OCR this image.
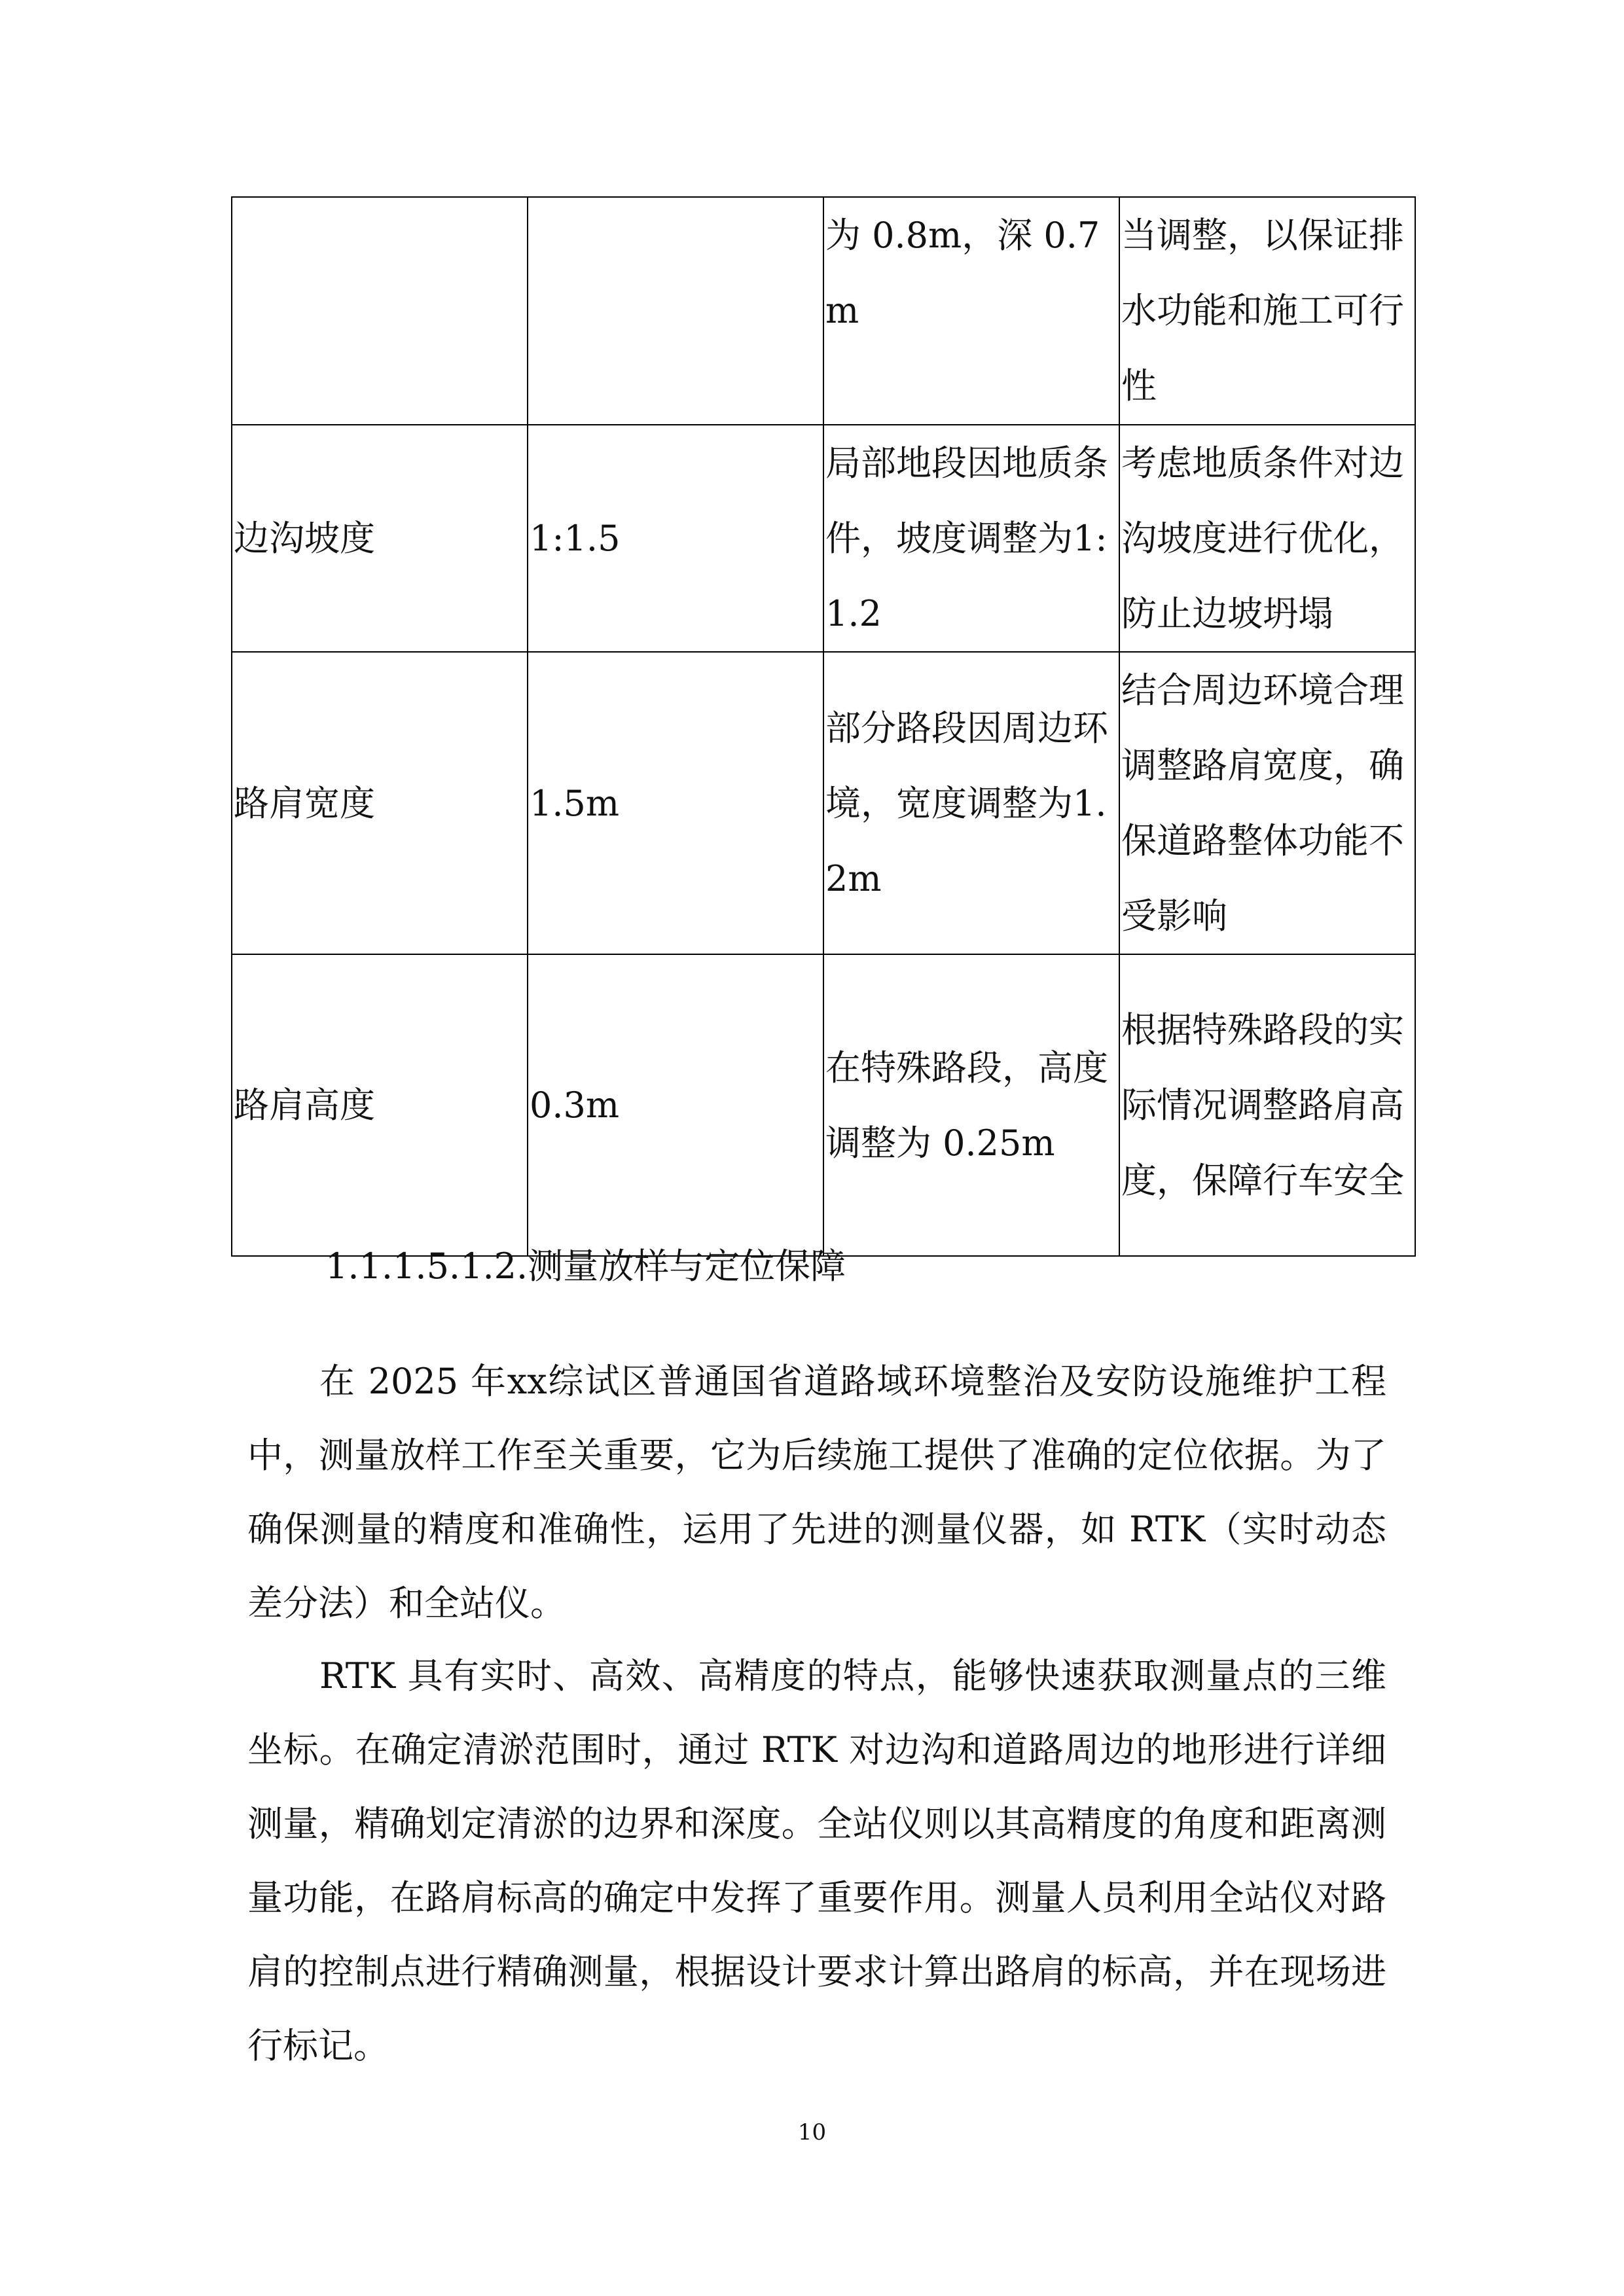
		为 0.8m，深 0.7m	当调整，以保证排水功能和施工可行性
边沟坡度	1:1.5	局部地段因地质条件，坡度调整为1:1.2	考虑地质条件对边沟坡度进行优化，防止边坡坍塌
路肩宽度	1.5m	部分路段因周边环境，宽度调整为1.2m	结合周边环境合理调整路肩宽度，确保道路整体功能不受影响
路肩高度	0.3m	在特殊路段，高度调整为 0.25m	根据特殊路段的实际情况调整路肩高度，保障行车安全
1.1.1.5.1.2.测量放样与定位保障

在 2025 年xx综试区普通国省道路域环境整治及安防设施维护工程中，测量放样工作至关重要，它为后续施工提供了准确的定位依据。为了确保测量的精度和准确性，运用了先进的测量仪器，如 RTK（实时动态差分法）和全站仪。

RTK 具有实时、高效、高精度的特点，能够快速获取测量点的三维坐标。在确定清淤范围时，通过 RTK 对边沟和道路周边的地形进行详细测量，精确划定清淤的边界和深度。全站仪则以其高精度的角度和距离测量功能，在路肩标高的确定中发挥了重要作用。测量人员利用全站仪对路肩的控制点进行精确测量，根据设计要求计算出路肩的标高，并在现场进行标记。

10
